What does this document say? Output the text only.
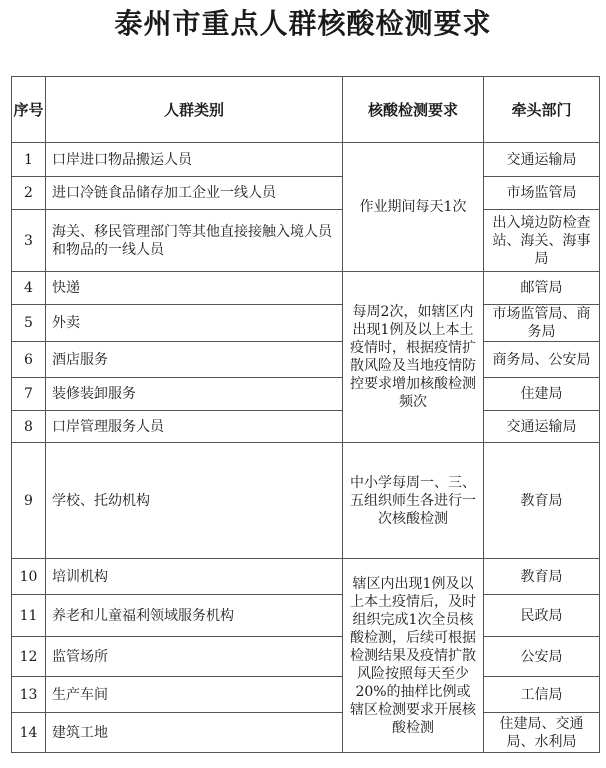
泰州市重点人群核酸检测要求
序号	人群类别	核酸检测要求	牵头部门
1	口岸进口物品搬运人员	作业期间每天1次	交通运输局
2	进口冷链食品储存加工企业一线人员		市场监管局
3	海关、移民管理部门等其他直接接触入境人员和物品的一线人员		出入境边防检查站、海关、海事局
4	快递	每周2次，如辖区内出现1例及以上本土疫情时，根据疫情扩散风险及当地疫情防控要求增加核酸检测频次	邮管局
5	外卖		市场监管局、商务局
6	酒店服务		商务局、公安局
7	装修装卸服务		住建局
8	口岸管理服务人员		交通运输局
9	学校、托幼机构	中小学每周一、三、五组织师生各进行一次核酸检测	教育局
10	培训机构	辖区内出现1例及以上本土疫情后，及时组织完成1次全员核酸检测，后续可根据检测结果及疫情扩散风险按照每天至少20%的抽样比例或辖区检测要求开展核酸检测	教育局
11	养老和儿童福利领域服务机构		民政局
12	监管场所		公安局
13	生产车间		工信局
14	建筑工地		住建局、交通局、水利局
